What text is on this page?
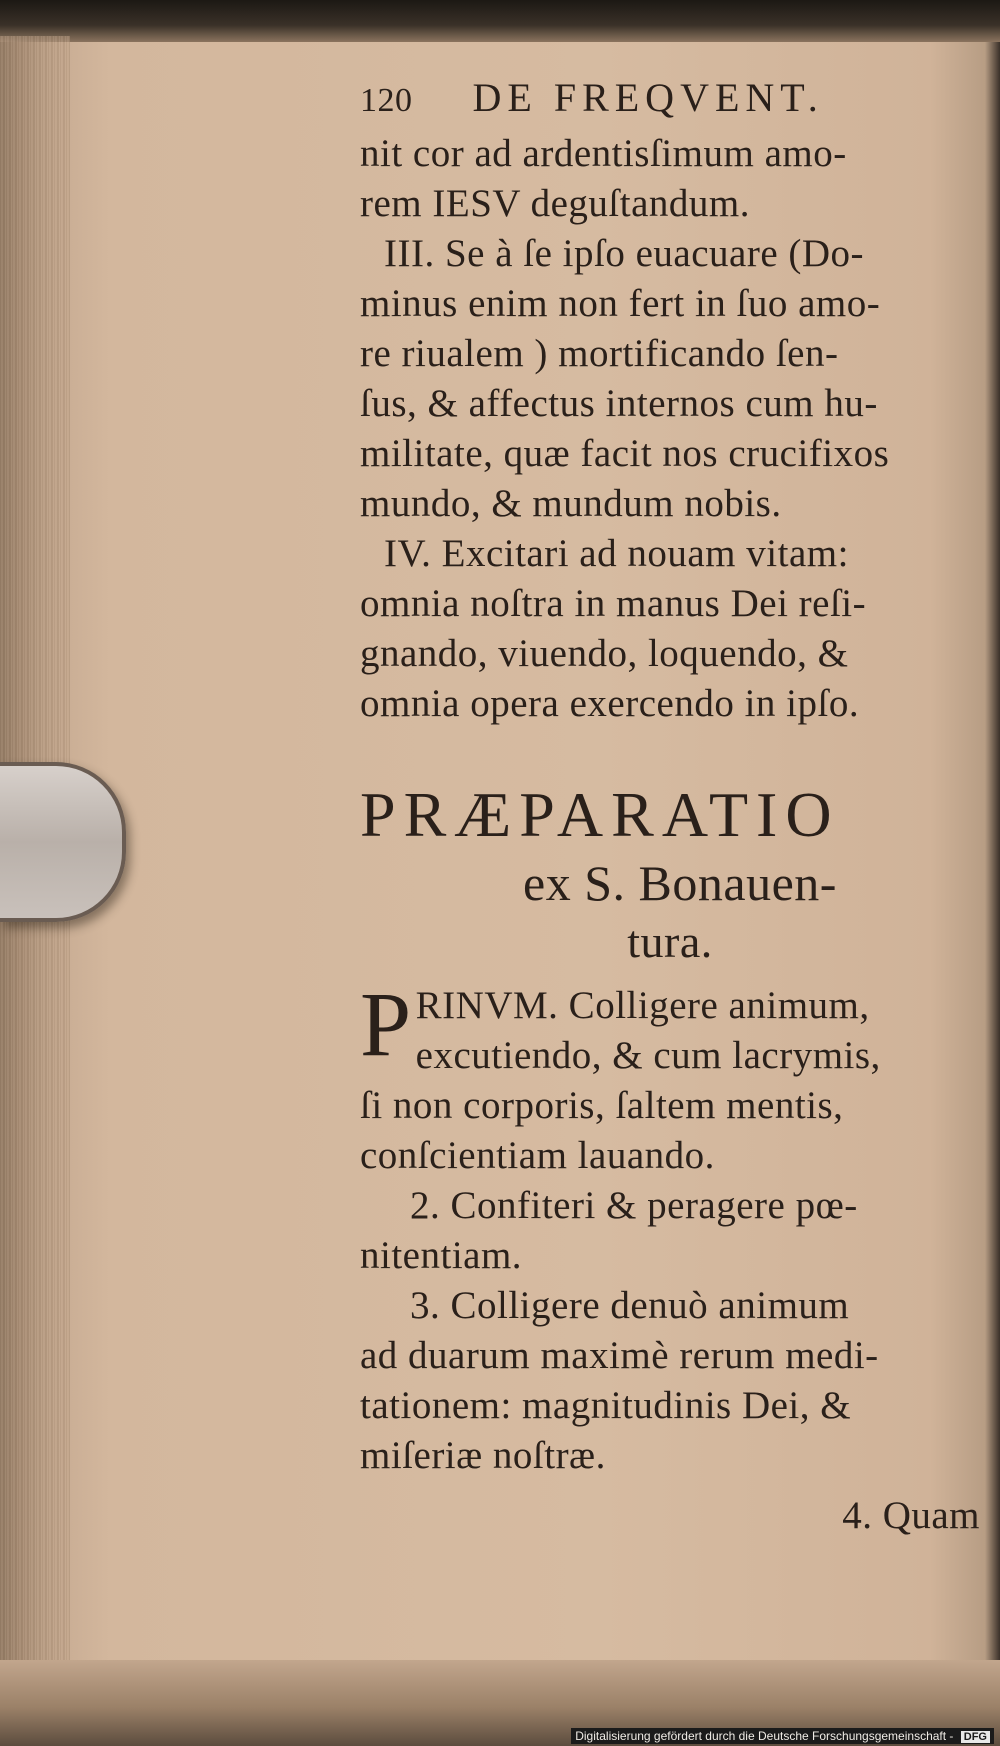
120 DE FREQVENT.
nit cor ad ardentisſimum amo-
rem IESV deguſtandum.
III. Se à ſe ipſo euacuare (Do-
minus enim non fert in ſuo amo-
re riualem ) mortificando ſen-
ſus, & affectus internos cum hu-
militate, quæ facit nos crucifixos
mundo, & mundum nobis.
IV. Excitari ad nouam vitam:
omnia noſtra in manus Dei reſi-
gnando, viuendo, loquendo, &
omnia opera exercendo in ipſo.
PRÆPARATIO
ex S. Bonauen-
tura.
P RINVM. Colligere animum,
excutiendo, & cum lacrymis,
ſi non corporis, ſaltem mentis,
conſcientiam lauando.
2. Confiteri & peragere pœ-
nitentiam.
3. Colligere denuò animum
ad duarum maximè rerum medi-
tationem: magnitudinis Dei, &
miſeriæ noſtræ.
4. Quam
Digitalisierung gefördert durch die Deutsche Forschungsgemeinschaft - DFG
